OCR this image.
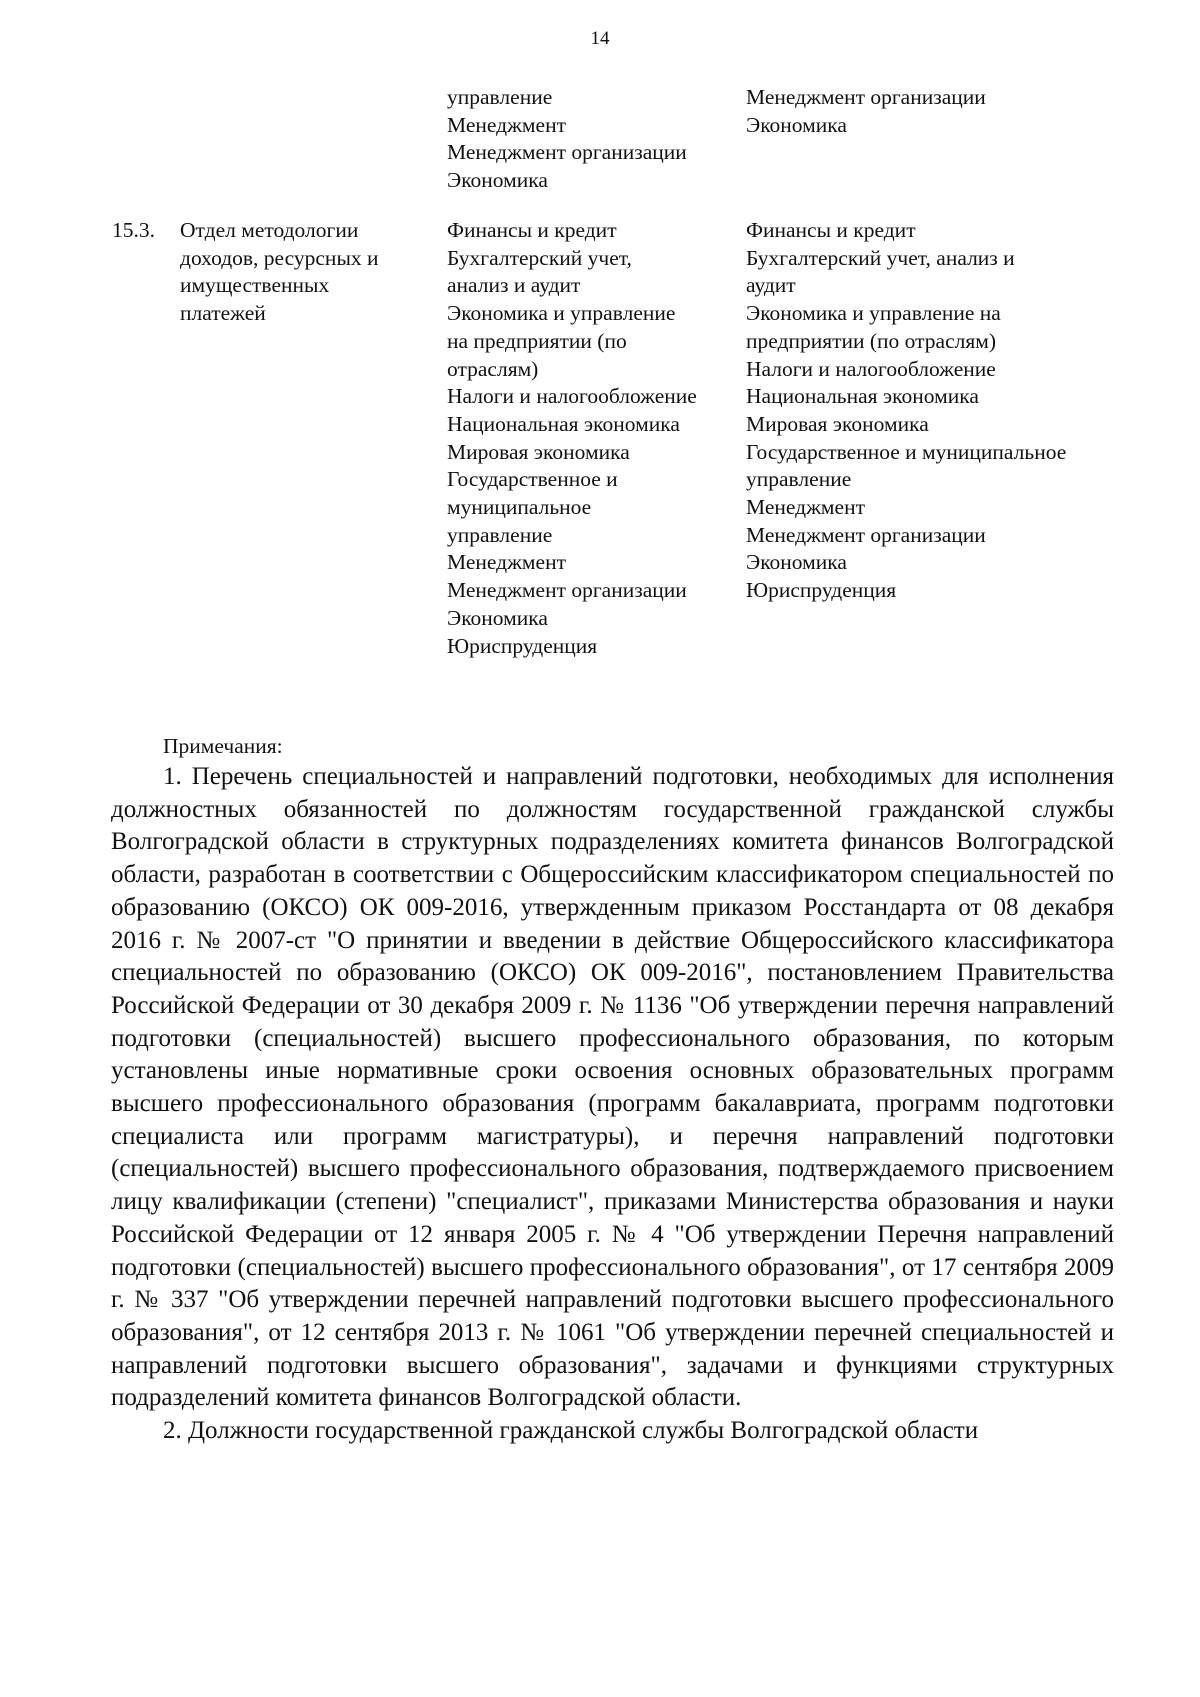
14
управление
Менеджмент
Менеджмент организации
Экономика
Менеджмент организации
Экономика
15.3. Отдел методологии
доходов, ресурсных и
имущественных
платежей
Финансы и кредит
Бухгалтерский учет,
анализ и аудит
Экономика и управление
на предприятии (по
отраслям)
Налоги и налогообложение
Национальная экономика
Мировая экономика
Государственное и
муниципальное
управление
Менеджмент
Менеджмент организации
Экономика
Юриспруденция
Финансы и кредит
Бухгалтерский учет, анализ и
аудит
Экономика и управление на
предприятии (по отраслям)
Налоги и налогообложение
Национальная экономика
Мировая экономика
Государственное и муниципальное
управление
Менеджмент
Менеджмент организации
Экономика
Юриспруденция
Примечания:

1. Перечень специальностей и направлений подготовки, необходимых для исполнения должностных обязанностей по должностям государственной гражданской службы Волгоградской области в структурных подразделениях комитета финансов Волгоградской области, разработан в соответствии с Общероссийским классификатором специальностей по образованию (ОКСО) ОК 009-2016, утвержденным приказом Росстандарта от 08 декабря 2016 г. № 2007-ст "О принятии и введении в действие Общероссийского классификатора специальностей по образованию (ОКСО) ОК 009-2016", постановлением Правительства Российской Федерации от 30 декабря 2009 г. № 1136 "Об утверждении перечня направлений подготовки (специальностей) высшего профессионального образования, по которым установлены иные нормативные сроки освоения основных образовательных программ высшего профессионального образования (программ бакалавриата, программ подготовки специалиста или программ магистратуры), и перечня направлений подготовки (специальностей) высшего профессионального образования, подтверждаемого присвоением лицу квалификации (степени) "специалист", приказами Министерства образования и науки Российской Федерации от 12 января 2005 г. № 4 "Об утверждении Перечня направлений подготовки (специальностей) высшего профессионального образования", от 17 сентября 2009 г. № 337 "Об утверждении перечней направлений подготовки высшего профессионального образования", от 12 сентября 2013 г. № 1061 "Об утверждении перечней специальностей и направлений подготовки высшего образования", задачами и функциями структурных подразделений комитета финансов Волгоградской области.

2. Должности государственной гражданской службы Волгоградской области
